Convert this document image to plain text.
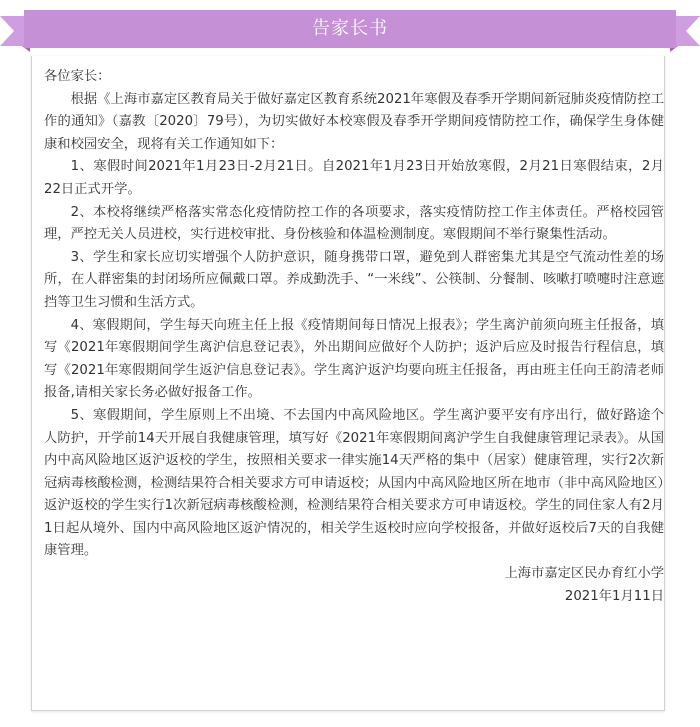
告家长书

各位家长：

根据《上海市嘉定区教育局关于做好嘉定区教育系统2021年寒假及春季开学期间新冠肺炎疫情防控工作的通知》（嘉教〔2020〕79号），为切实做好本校寒假及春季开学期间疫情防控工作，确保学生身体健康和校园安全，现将有关工作通知如下：

1、寒假时间2021年1月23日-2月21日。自2021年1月23日开始放寒假，2月21日寒假结束，2月22日正式开学。

2、本校将继续严格落实常态化疫情防控工作的各项要求，落实疫情防控工作主体责任。严格校园管理，严控无关人员进校，实行进校审批、身份核验和体温检测制度。寒假期间不举行聚集性活动。

3、学生和家长应切实增强个人防护意识，随身携带口罩，避免到人群密集尤其是空气流动性差的场所，在人群密集的封闭场所应佩戴口罩。养成勤洗手、“一米线”、公筷制、分餐制、咳嗽打喷嚏时注意遮挡等卫生习惯和生活方式。

4、寒假期间，学生每天向班主任上报《疫情期间每日情况上报表》；学生离沪前须向班主任报备，填写《2021年寒假期间学生离沪信息登记表》，外出期间应做好个人防护；返沪后应及时报告行程信息，填写《2021年寒假期间学生返沪信息登记表》。学生离沪返沪均要向班主任报备，再由班主任向王韵清老师报备,请相关家长务必做好报备工作。

5、寒假期间，学生原则上不出境、不去国内中高风险地区。学生离沪要平安有序出行，做好路途个人防护，开学前14天开展自我健康管理，填写好《2021年寒假期间离沪学生自我健康管理记录表》。从国内中高风险地区返沪返校的学生，按照相关要求一律实施14天严格的集中（居家）健康管理，实行2次新冠病毒核酸检测，检测结果符合相关要求方可申请返校；从国内中高风险地区所在地市（非中高风险地区）返沪返校的学生实行1次新冠病毒核酸检测，检测结果符合相关要求方可申请返校。学生的同住家人有2月1日起从境外、国内中高风险地区返沪情况的，相关学生返校时应向学校报备，并做好返校后7天的自我健康管理。

上海市嘉定区民办育红小学

2021年1月11日
